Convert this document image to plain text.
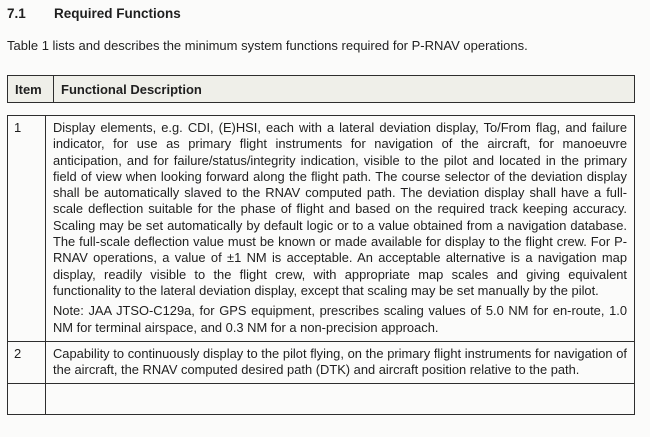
7.1	Required Functions
Table 1 lists and describes the minimum system functions required for P-RNAV operations.
Item	Functional Description
1	Display elements, e.g. CDI, (E)HSI, each with a lateral deviation display, To/From flag, and failure indicator, for use as primary flight instruments for navigation of the aircraft, for manoeuvre anticipation, and for failure/status/integrity indication, visible to the pilot and located in the primary field of view when looking forward along the flight path. The course selector of the deviation display shall be automatically slaved to the RNAV computed path. The deviation display shall have a full-scale deflection suitable for the phase of flight and based on the required track keeping accuracy. Scaling may be set automatically by default logic or to a value obtained from a navigation database. The full-scale deflection value must be known or made available for display to the flight crew. For P-RNAV operations, a value of ±1 NM is acceptable. An acceptable alternative is a navigation map display, readily visible to the flight crew, with appropriate map scales and giving equivalent functionality to the lateral deviation display, except that scaling may be set manually by the pilot.

Note: JAA JTSO-C129a, for GPS equipment, prescribes scaling values of 5.0 NM for en-route, 1.0 NM for terminal airspace, and 0.3 NM for a non-precision approach.

2	Capability to continuously display to the pilot flying, on the primary flight instruments for navigation of the aircraft, the RNAV computed desired path (DTK) and aircraft position relative to the path.
